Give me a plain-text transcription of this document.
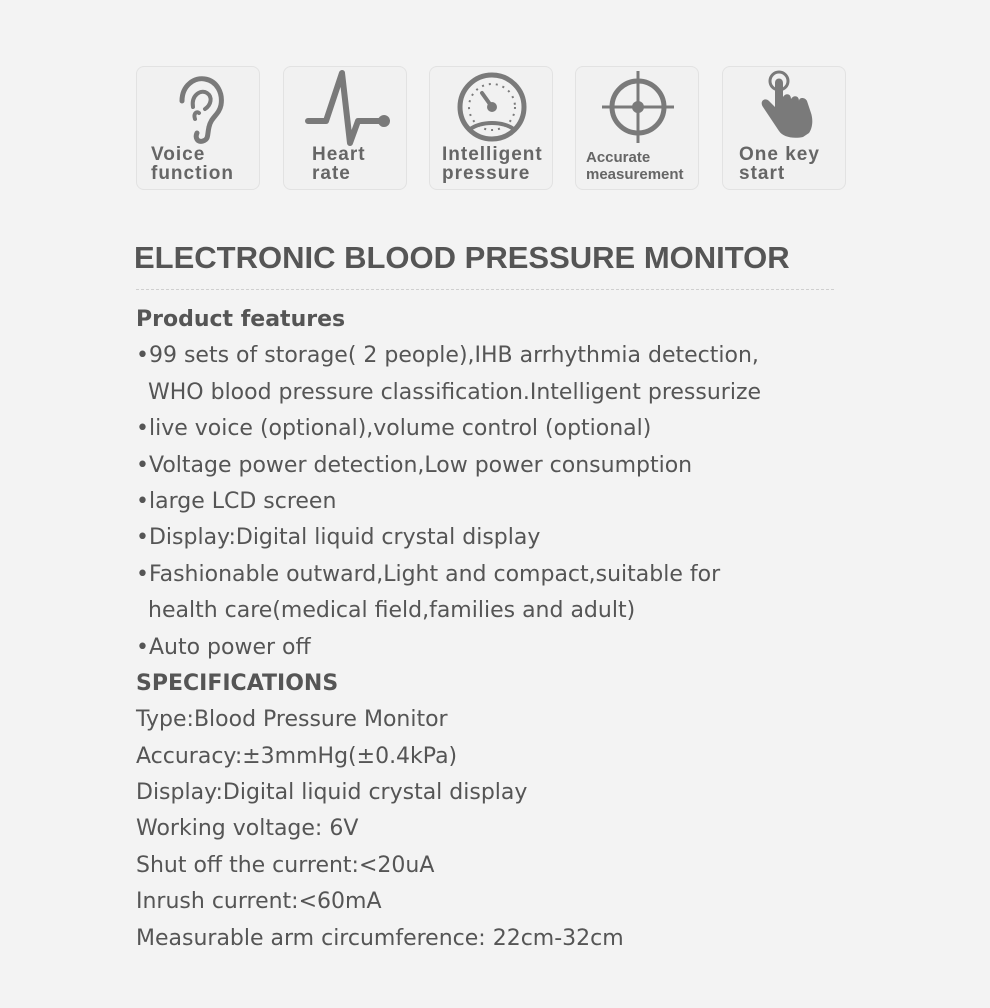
Voice
function
Heart
rate
Intelligent
pressure
Accurate
measurement
One key
start
ELECTRONIC BLOOD PRESSURE MONITOR
Product features
•99 sets of storage( 2 people),IHB arrhythmia detection,
WHO blood pressure classification.Intelligent pressurize
•live voice (optional),volume control (optional)
•Voltage power detection,Low power consumption
•large LCD screen
•Display:Digital liquid crystal display
•Fashionable outward,Light and compact,suitable for
health care(medical field,families and adult)
•Auto power off
SPECIFICATIONS
Type:Blood Pressure Monitor
Accuracy:±3mmHg(±0.4kPa)
Display:Digital liquid crystal display
Working voltage: 6V
Shut off the current:<20uA
Inrush current:<60mA
Measurable arm circumference: 22cm-32cm
